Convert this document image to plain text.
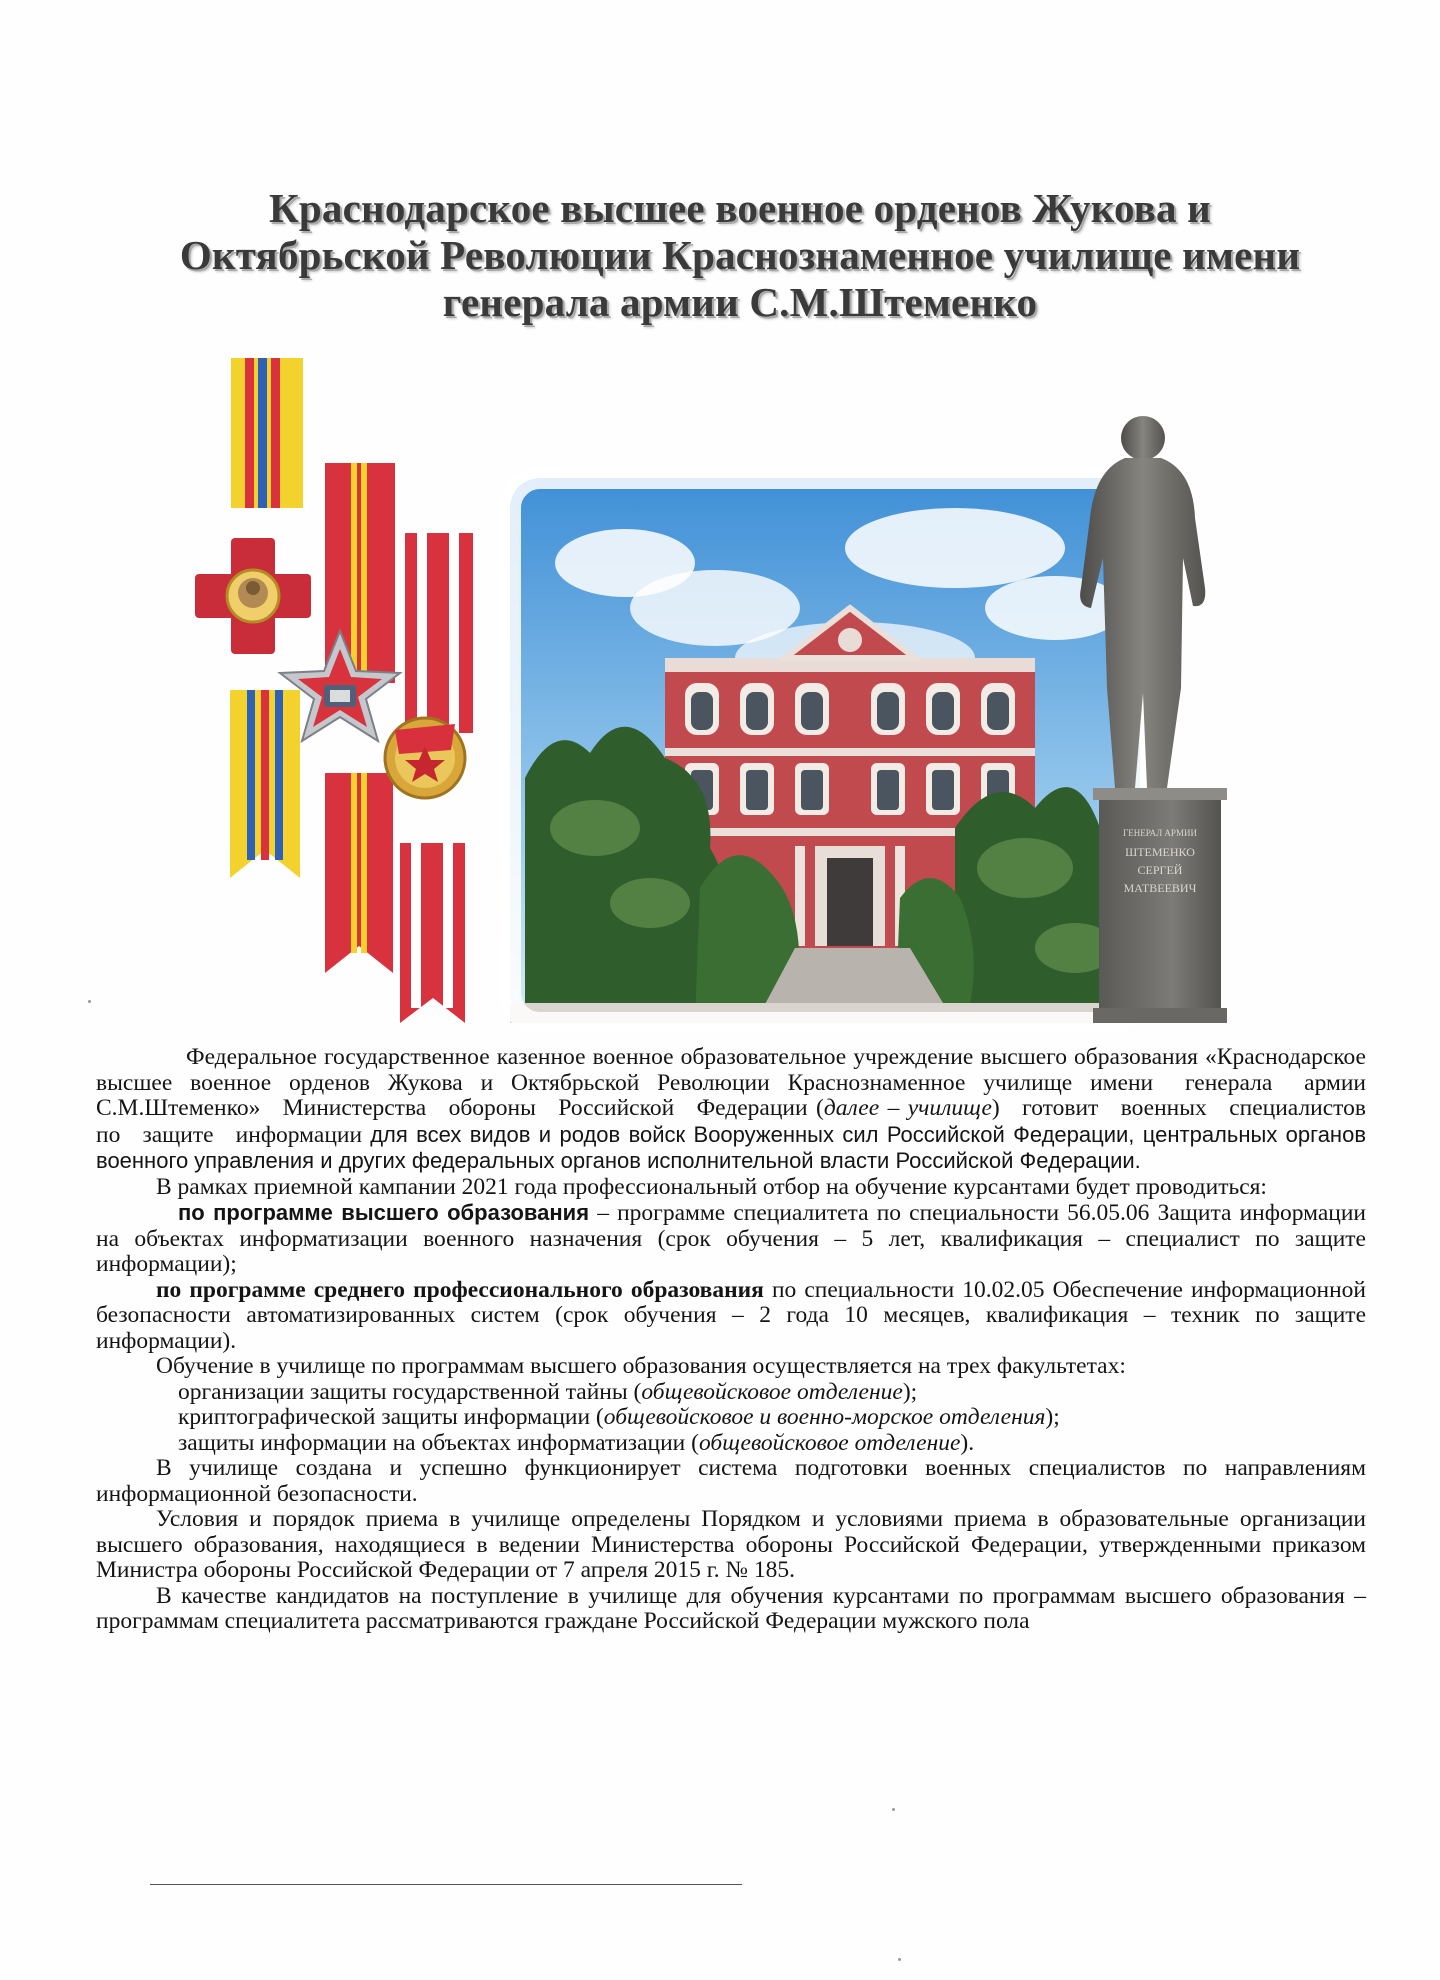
Краснодарское высшее военное орденов Жукова и
Октябрьской Революции Краснознаменное училище имени
генерала армии С.М.Штеменко
ГЕНЕРАЛ АРМИИ
ШТЕМЕНКО
СЕРГЕЙ
МАТВЕЕВИЧ

Федеральное государственное казенное военное образовательное учреждение высшего образования «Краснодарское высшее военное орденов Жукова и Октябрьской Революции Краснознаменное училище имени генерала армии С.М.Штеменко» Министерства обороны Российской Федерации (далее – училище) готовит военных специалистов по защите информации для всех видов и родов войск Вооруженных сил Российской Федерации, центральных органов военного управления и других федеральных органов исполнительной власти Российской Федерации.

В рамках приемной кампании 2021 года профессиональный отбор на обучение курсантами будет проводиться:

по программе высшего образования – программе специалитета по специальности 56.05.06 Защита информации на объектах информатизации военного назначения (срок обучения – 5 лет, квалификация – специалист по защите информации);

по программе среднего профессионального образования по специальности 10.02.05 Обеспечение информационной безопасности автоматизированных систем (срок обучения – 2 года 10 месяцев, квалификация – техник по защите информации).

Обучение в училище по программам высшего образования осуществляется на трех факультетах:

организации защиты государственной тайны (общевойсковое отделение);

криптографической защиты информации (общевойсковое и военно-морское отделения);

защиты информации на объектах информатизации (общевойсковое отделение).

В училище создана и успешно функционирует система подготовки военных специалистов по направлениям информационной безопасности.

Условия и порядок приема в училище определены Порядком и условиями приема в образовательные организации высшего образования, находящиеся в ведении Министерства обороны Российской Федерации, утвержденными приказом Министра обороны Российской Федерации от 7 апреля 2015 г. № 185.

В качестве кандидатов на поступление в училище для обучения курсантами по программам высшего образования – программам специалитета рассматриваются граждане Российской Федерации мужского пола
